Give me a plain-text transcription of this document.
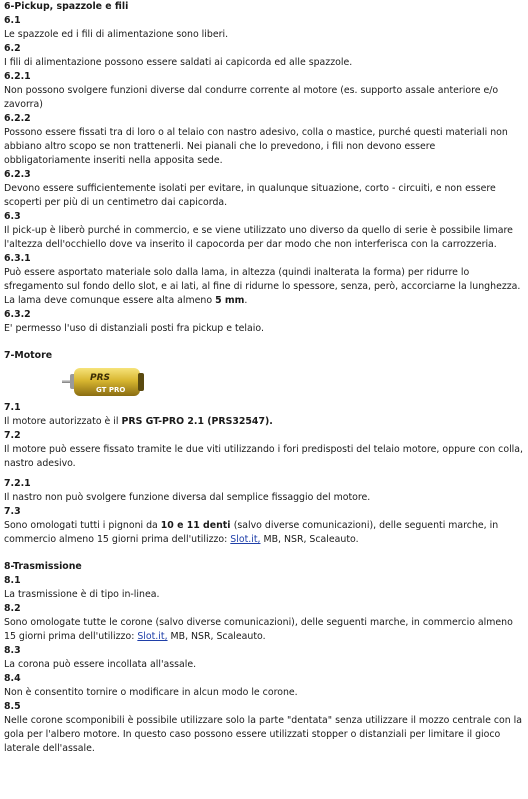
6-Pickup, spazzole e fili
6.1

Le spazzole ed i fili di alimentazione sono liberi.

6.2

I fili di alimentazione possono essere saldati ai capicorda ed alle spazzole.

6.2.1

Non possono svolgere funzioni diverse dal condurre corrente al motore (es. supporto assale anteriore e/o zavorra)

6.2.2

Possono essere fissati tra di loro o al telaio con nastro adesivo, colla o mastice, purché questi materiali non abbiano altro scopo se non trattenerli. Nei pianali che lo prevedono, i fili non devono essere obbligatoriamente inseriti nella apposita sede.

6.2.3

Devono essere sufficientemente isolati per evitare, in qualunque situazione, corto - circuiti, e non essere scoperti per più di un centimetro dai capicorda.

6.3

Il pick-up è liberò purché in commercio, e se viene utilizzato uno diverso da quello di serie è possibile limare l'altezza dell'occhiello dove va inserito il capocorda per dar modo che non interferisca con la carrozzeria.

6.3.1

Può essere asportato materiale solo dalla lama, in altezza (quindi inalterata la forma) per ridurre lo sfregamento sul fondo dello slot, e ai lati, al fine di ridurne lo spessore, senza, però, accorciarne la lunghezza. La lama deve comunque essere alta almeno 5 mm.

6.3.2

E' permesso l'uso di distanziali posti fra pickup e telaio.

7-Motore
PRS
GT PRO
7.1

Il motore autorizzato è il PRS GT-PRO 2.1 (PRS32547).

7.2

Il motore può essere fissato tramite le due viti utilizzando i fori predisposti del telaio motore, oppure con colla, nastro adesivo.

7.2.1

Il nastro non può svolgere funzione diversa dal semplice fissaggio del motore.

7.3

Sono omologati tutti i pignoni da 10 e 11 denti (salvo diverse comunicazioni), delle seguenti marche, in commercio almeno 15 giorni prima dell'utilizzo: Slot.it, MB, NSR, Scaleauto.

8-Trasmissione
8.1

La trasmissione è di tipo in-linea.

8.2

Sono omologate tutte le corone (salvo diverse comunicazioni), delle seguenti marche, in commercio almeno 15 giorni prima dell'utilizzo: Slot.it, MB, NSR, Scaleauto.

8.3

La corona può essere incollata all'assale.

8.4

Non è consentito tornire o modificare in alcun modo le corone.

8.5

Nelle corone scomponibili è possibile utilizzare solo la parte "dentata" senza utilizzare il mozzo centrale con la gola per l'albero motore. In questo caso possono essere utilizzati stopper o distanziali per limitare il gioco laterale dell'assale.
